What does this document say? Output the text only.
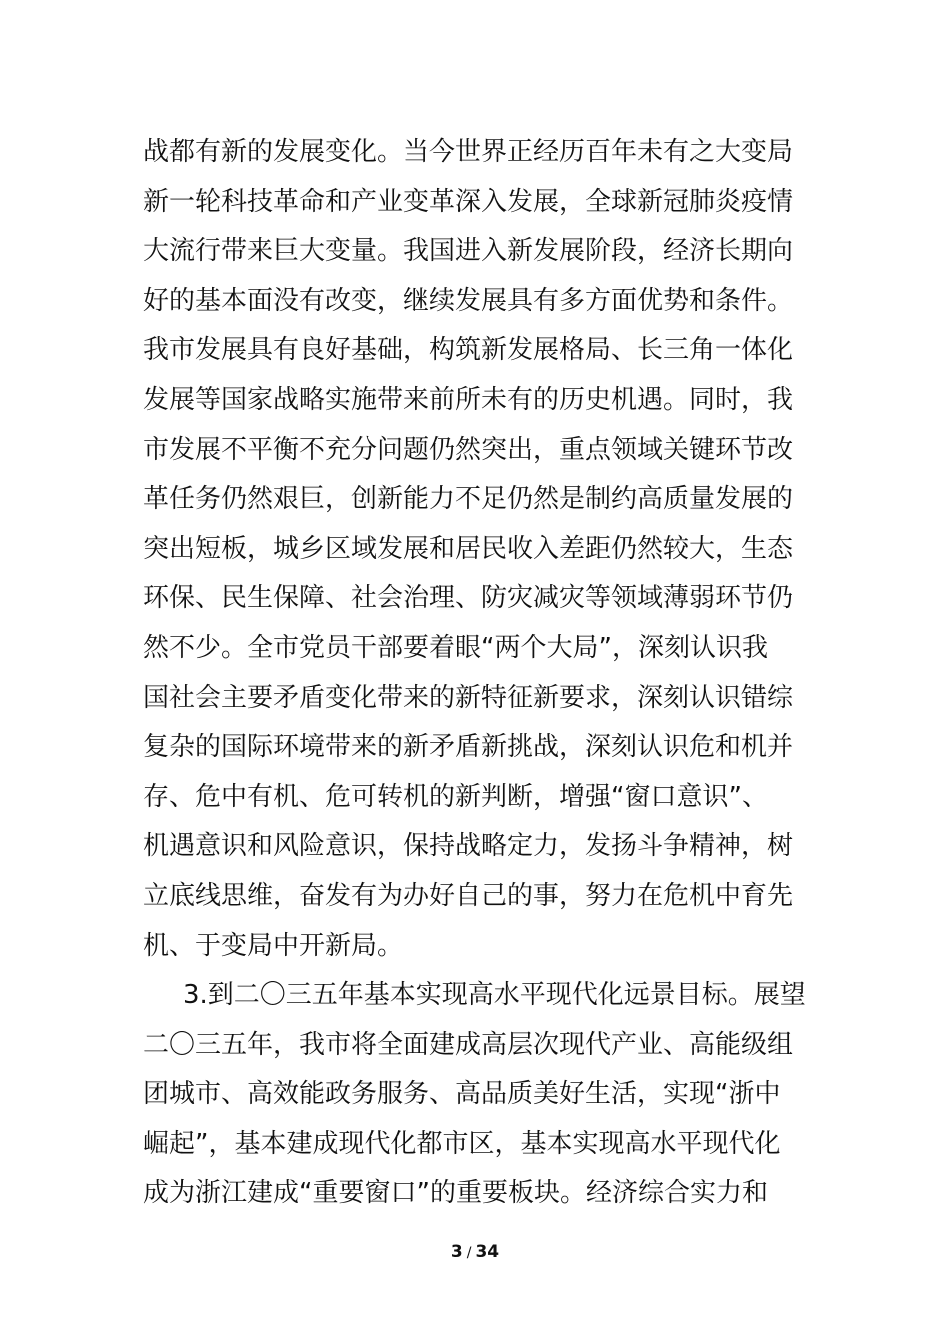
战都有新的发展变化。当今世界正经历百年未有之大变局
新一轮科技革命和产业变革深入发展，全球新冠肺炎疫情
大流行带来巨大变量。我国进入新发展阶段，经济长期向
好的基本面没有改变，继续发展具有多方面优势和条件。
我市发展具有良好基础，构筑新发展格局、长三角一体化
发展等国家战略实施带来前所未有的历史机遇。同时，我
市发展不平衡不充分问题仍然突出，重点领域关键环节改
革任务仍然艰巨，创新能力不足仍然是制约高质量发展的
突出短板，城乡区域发展和居民收入差距仍然较大，生态
环保、民生保障、社会治理、防灾减灾等领域薄弱环节仍
然不少。全市党员干部要着眼“两个大局”，深刻认识我
国社会主要矛盾变化带来的新特征新要求，深刻认识错综
复杂的国际环境带来的新矛盾新挑战，深刻认识危和机并
存、危中有机、危可转机的新判断，增强“窗口意识”、
机遇意识和风险意识，保持战略定力，发扬斗争精神，树
立底线思维，奋发有为办好自己的事，努力在危机中育先
机、于变局中开新局。
3.到二〇三五年基本实现高水平现代化远景目标。展望
二〇三五年，我市将全面建成高层次现代产业、高能级组
团城市、高效能政务服务、高品质美好生活，实现“浙中
崛起”，基本建成现代化都市区，基本实现高水平现代化
成为浙江建成“重要窗口”的重要板块。经济综合实力和
3 / 34
